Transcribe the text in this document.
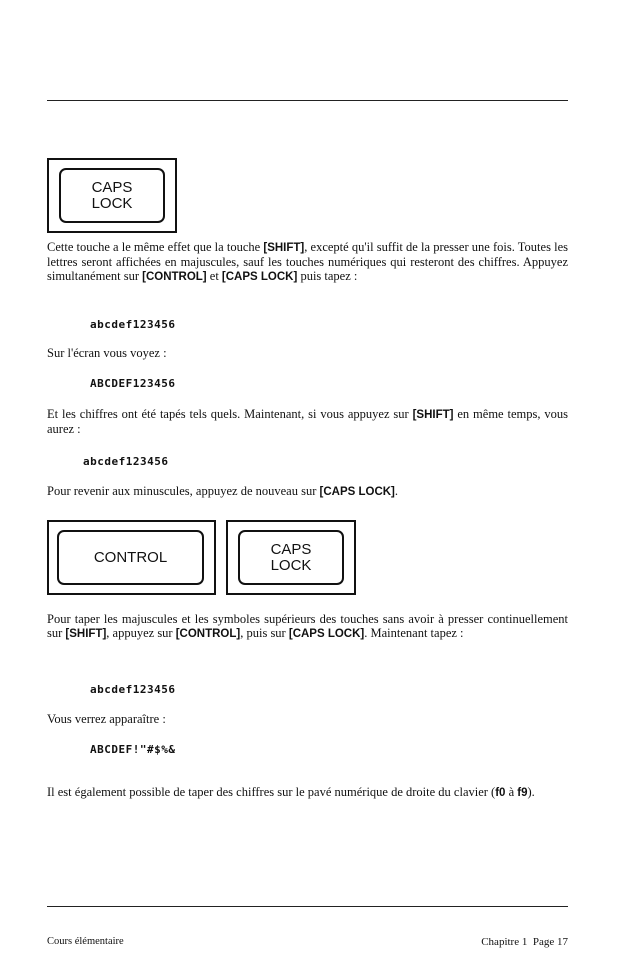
CAPS
LOCK

Cette touche a le même effet que la touche [SHIFT], excepté qu'il suffit de la presser une fois. Toutes les lettres seront affichées en majuscules, sauf les touches numériques qui resteront des chiffres. Appuyez simultanément sur [CONTROL] et [CAPS LOCK] puis tapez :

abcdef123456

Sur l'écran vous voyez :

ABCDEF123456

Et les chiffres ont été tapés tels quels. Maintenant, si vous appuyez sur [SHIFT] en même temps, vous aurez :

abcdef123456

Pour revenir aux minuscules, appuyez de nouveau sur [CAPS LOCK].

CONTROL	CAPS
LOCK

Pour taper les majuscules et les symboles supérieurs des touches sans avoir à presser continuellement sur [SHIFT], appuyez sur [CONTROL], puis sur [CAPS LOCK]. Maintenant tapez :

abcdef123456

Vous verrez apparaître :

ABCDEF!"#$%&

Il est également possible de taper des chiffres sur le pavé numérique de droite du clavier (f0 à f9).

Cours élémentaire	Chapitre 1 Page 17
